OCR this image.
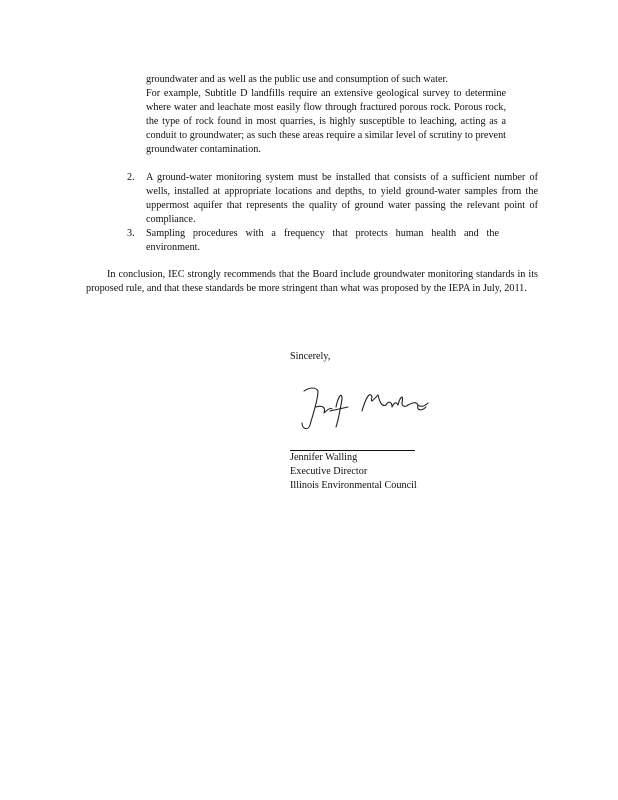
groundwater and as well as the public use and consumption of such water.

For example, Subtitle D landfills require an extensive geological survey to determine where water and leachate most easily flow through fractured porous rock. Porous rock, the type of rock found in most quarries, is highly susceptible to leaching, acting as a conduit to groundwater; as such these areas require a similar level of scrutiny to prevent groundwater contamination.

2. A ground-water monitoring system must be installed that consists of a sufficient number of wells, installed at appropriate locations and depths, to yield ground-water samples from the uppermost aquifer that represents the quality of ground water passing the relevant point of compliance.
3. Sampling procedures with a frequency that protects human health and the environment.
In conclusion, IEC strongly recommends that the Board include groundwater monitoring standards in its proposed rule, and that these standards be more stringent than what was proposed by the IEPA in July, 2011.
Sincerely,
Jennifer Walling
Executive Director
Illinois Environmental Council
